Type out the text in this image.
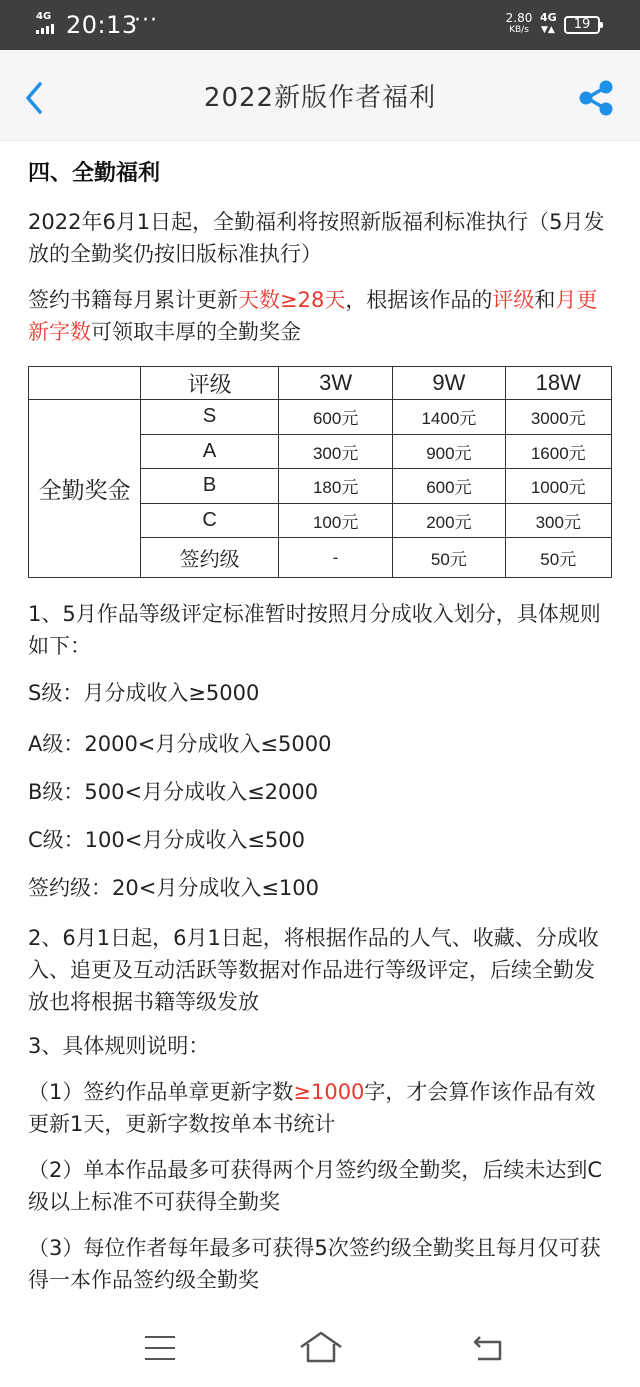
4G 20:13
···	2.80
KB/s
4G
▼▲	19
2022新版作者福利
四、全勤福利
2022年6月1日起，全勤福利将按照新版福利标准执行（5月发放的全勤奖仍按旧版标准执行）
签约书籍每月累计更新天数≥28天，根据该作品的评级和月更新字数可领取丰厚的全勤奖金
	评级	3W	9W	18W
全勤奖金	S	600元	1400元	3000元
	A	300元	900元	1600元
	B	180元	600元	1000元
	C	100元	200元	300元
	签约级	-	50元	50元
1、5月作品等级评定标准暂时按照月分成收入划分，具体规则如下：
S级：月分成收入≥5000
A级：2000<月分成收入≤5000
B级：500<月分成收入≤2000
C级：100<月分成收入≤500
签约级：20<月分成收入≤100
2、6月1日起，6月1日起，将根据作品的人气、收藏、分成收入、追更及互动活跃等数据对作品进行等级评定，后续全勤发放也将根据书籍等级发放
3、具体规则说明：
（1）签约作品单章更新字数≥1000字，才会算作该作品有效更新1天，更新字数按单本书统计
（2）单本作品最多可获得两个月签约级全勤奖，后续未达到C级以上标准不可获得全勤奖
（3）每位作者每年最多可获得5次签约级全勤奖且每月仅可获得一本作品签约级全勤奖
